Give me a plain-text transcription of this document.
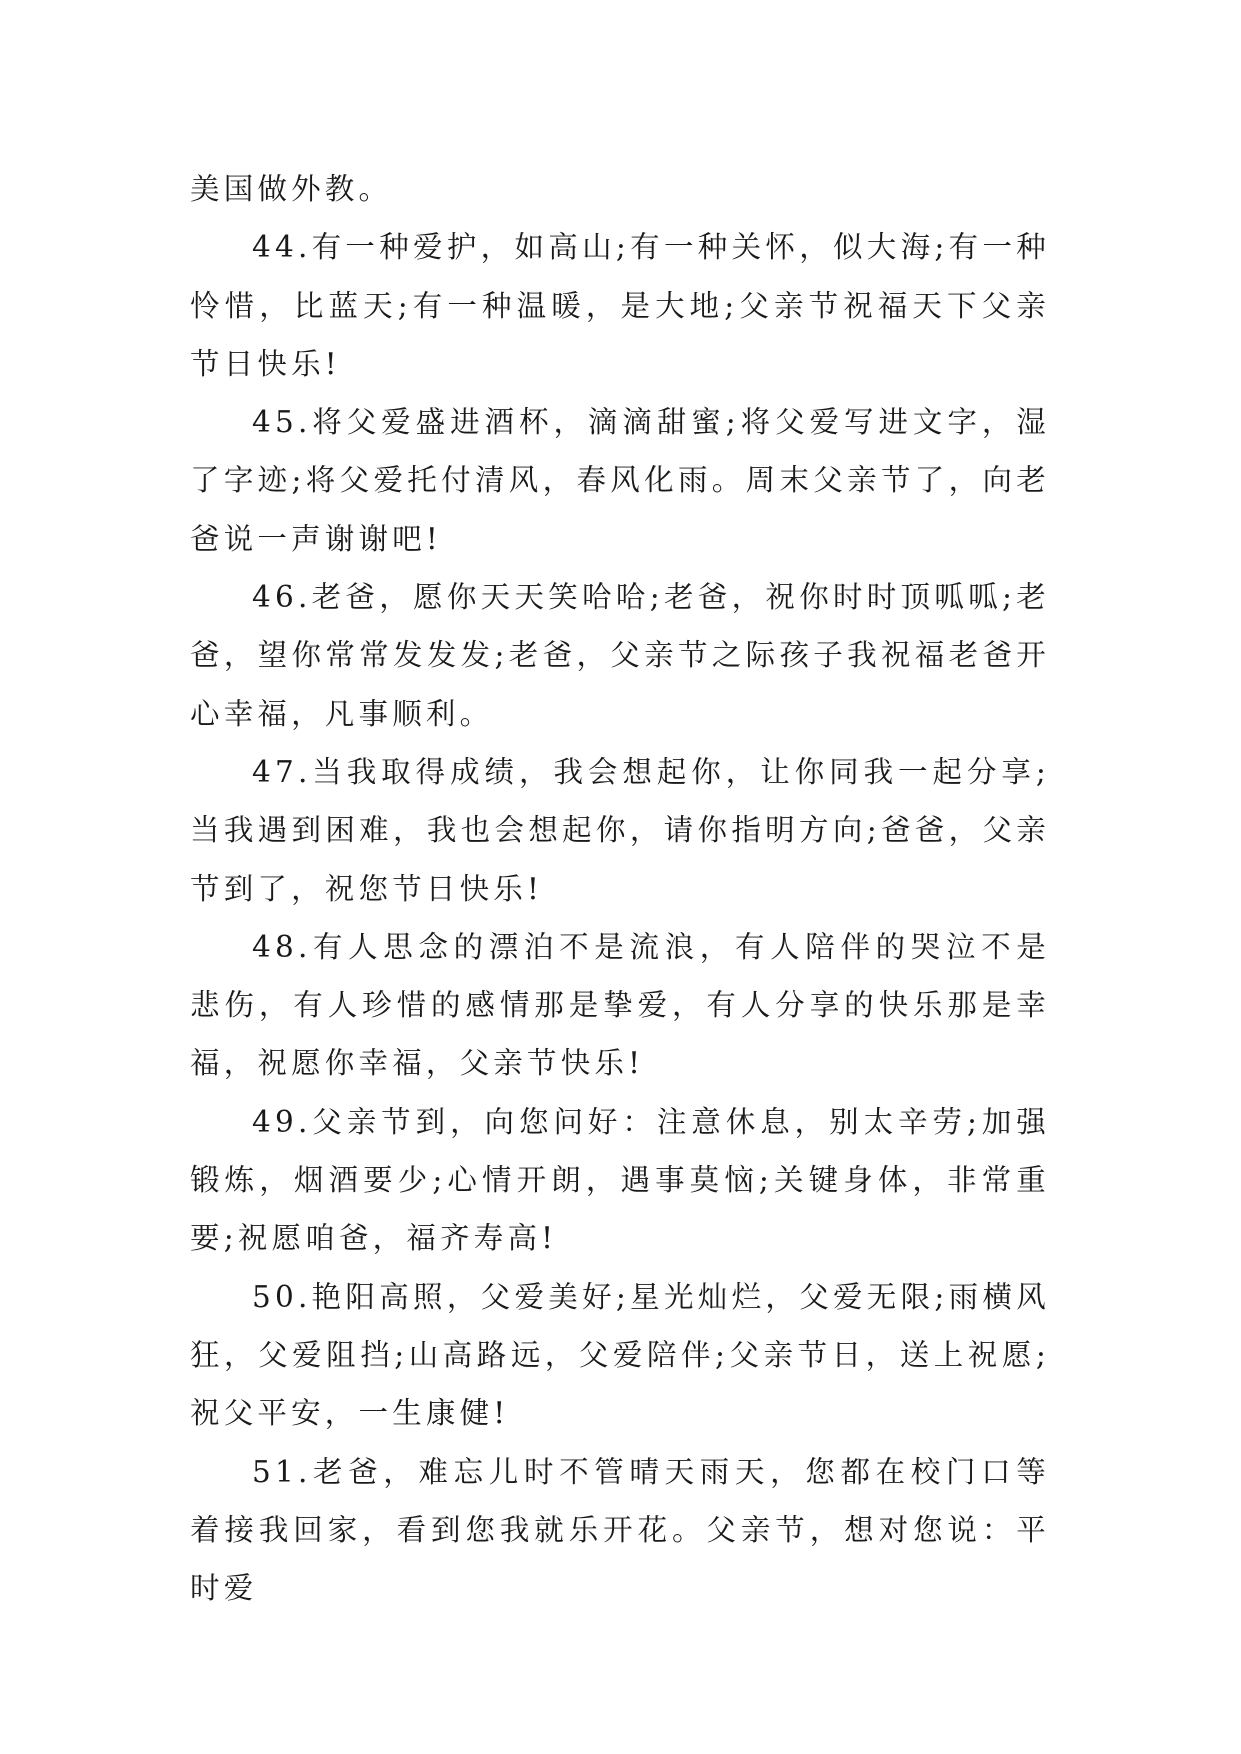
美国做外教。

44.有一种爱护，如高山;有一种关怀，似大海;有一种怜惜，比蓝天;有一种温暖，是大地;父亲节祝福天下父亲节日快乐!

45.将父爱盛进酒杯，滴滴甜蜜;将父爱写进文字，湿了字迹;将父爱托付清风，春风化雨。周末父亲节了，向老爸说一声谢谢吧!

46.老爸，愿你天天笑哈哈;老爸，祝你时时顶呱呱;老爸，望你常常发发发;老爸，父亲节之际孩子我祝福老爸开心幸福，凡事顺利。

47.当我取得成绩，我会想起你，让你同我一起分享;当我遇到困难，我也会想起你，请你指明方向;爸爸，父亲节到了，祝您节日快乐!

48.有人思念的漂泊不是流浪，有人陪伴的哭泣不是悲伤，有人珍惜的感情那是挚爱，有人分享的快乐那是幸福，祝愿你幸福，父亲节快乐!

49.父亲节到，向您问好：注意休息，别太辛劳;加强锻炼，烟酒要少;心情开朗，遇事莫恼;关键身体，非常重要;祝愿咱爸，福齐寿高!

50.艳阳高照，父爱美好;星光灿烂，父爱无限;雨横风狂，父爱阻挡;山高路远，父爱陪伴;父亲节日，送上祝愿;祝父平安，一生康健!

51.老爸，难忘儿时不管晴天雨天，您都在校门口等着接我回家，看到您我就乐开花。父亲节，想对您说：平时爱
